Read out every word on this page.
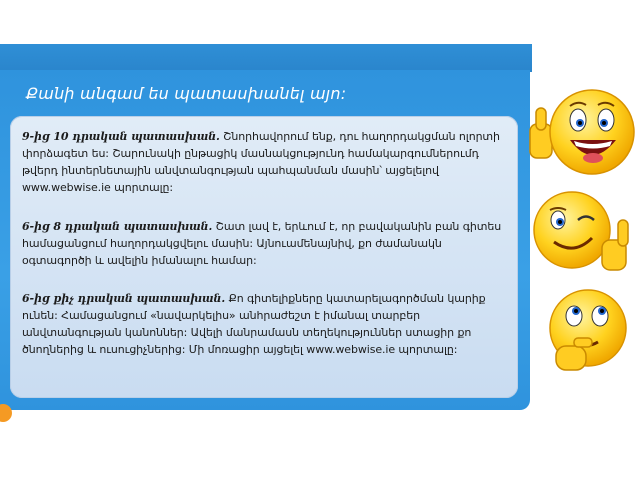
Քանի անգամ ես պատասխանել այո:
9-ից 10 դրական պատասխան. Շնորհավորում ենք, դու հաղորդակցման ոլորտի փորձագետ ես: Շարունակի ընթացիկ մասնակցությունդ համակարգումներումդ թվերդ ինտերնետային անվտանգության պահպանման մասին՝ այցելելով www.webwise.ie պորտալը:
6-ից 8 դրական պատասխան. Շատ լավ է, երևում է, որ բավականին բան գիտես համացանցում հաղորդակցվելու մասին: Այնուամենայնիվ, քո ժամանակն օգտագործի և ավելին իմանալու համար:
6-ից քիչ դրական պատասխան. Քո գիտելիքները կատարելագործման կարիք ունեն: Համացանցում «նավարկելիս» անհրաժեշտ է իմանալ տարբեր անվտանգության կանոններ: Ավելի մանրամասն տեղեկություններ ստացիր քո ծնողներից և ուսուցիչներից: Մի մոռացիր այցելել www.webwise.ie պորտալը:
